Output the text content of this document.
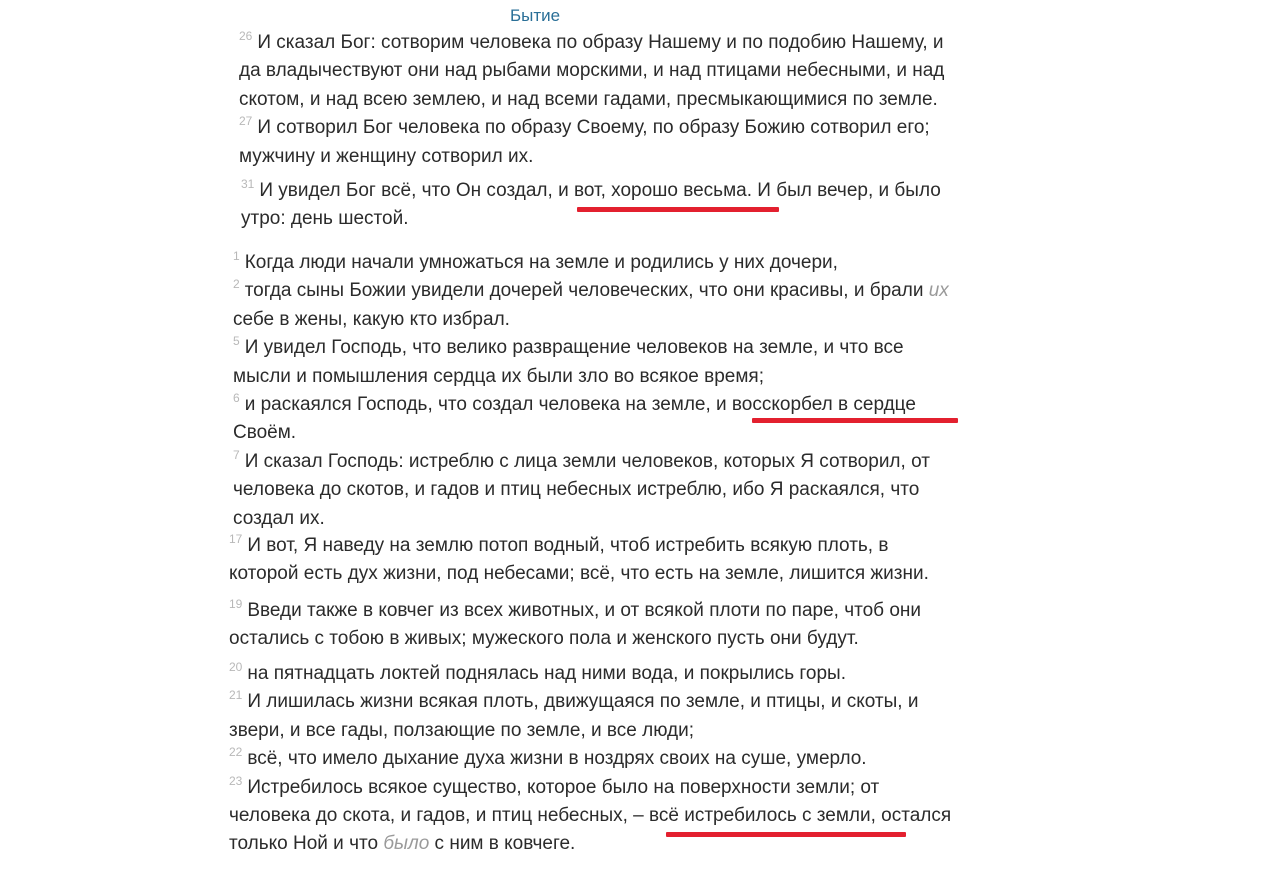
Бытие

$^{26}$ И сказал Бог: сотворим человека по образу Нашему и по подобию Нашему, и

да владычествуют они над рыбами морскими, и над птицами небесными, и над

скотом, и над всею землею, и над всеми гадами, пресмыкающимися по земле.

$^{27}$ И сотворил Бог человека по образу Своему, по образу Божию сотворил его;

мужчину и женщину сотворил их.

$^{31}$ И увидел Бог всё, что Он создал, и вот, хорошо весьма. И был вечер, и было

утро: день шестой.

$^1$ Когда люди начали умножаться на земле и родились у них дочери,

$^2$ тогда сыны Божии увидели дочерей человеческих, что они красивы, и брали их

себе в жены, какую кто избрал.

$^5$ И увидел Господь, что велико развращение человеков на земле, и что все

мысли и помышления сердца их были зло во всякое время;

$^6$ и раскаялся Господь, что создал человека на земле, и восскорбел в сердце

Своём.

$^7$ И сказал Господь: истреблю с лица земли человеков, которых Я сотворил, от

человека до скотов, и гадов и птиц небесных истреблю, ибо Я раскаялся, что

создал их.

$^{17}$ И вот, Я наведу на землю потоп водный, чтоб истребить всякую плоть, в

которой есть дух жизни, под небесами; всё, что есть на земле, лишится жизни.

$^{19}$ Введи также в ковчег из всех животных, и от всякой плоти по паре, чтоб они

остались с тобою в живых; мужеского пола и женского пусть они будут.

$^{20}$ на пятнадцать локтей поднялась над ними вода, и покрылись горы.

$^{21}$ И лишилась жизни всякая плоть, движущаяся по земле, и птицы, и скоты, и

звери, и все гады, ползающие по земле, и все люди;

$^{22}$ всё, что имело дыхание духа жизни в ноздрях своих на суше, умерло.

$^{23}$ Истребилось всякое существо, которое было на поверхности земли; от

человека до скота, и гадов, и птиц небесных, – всё истребилось с земли, остался

только Ной и что было с ним в ковчеге.
